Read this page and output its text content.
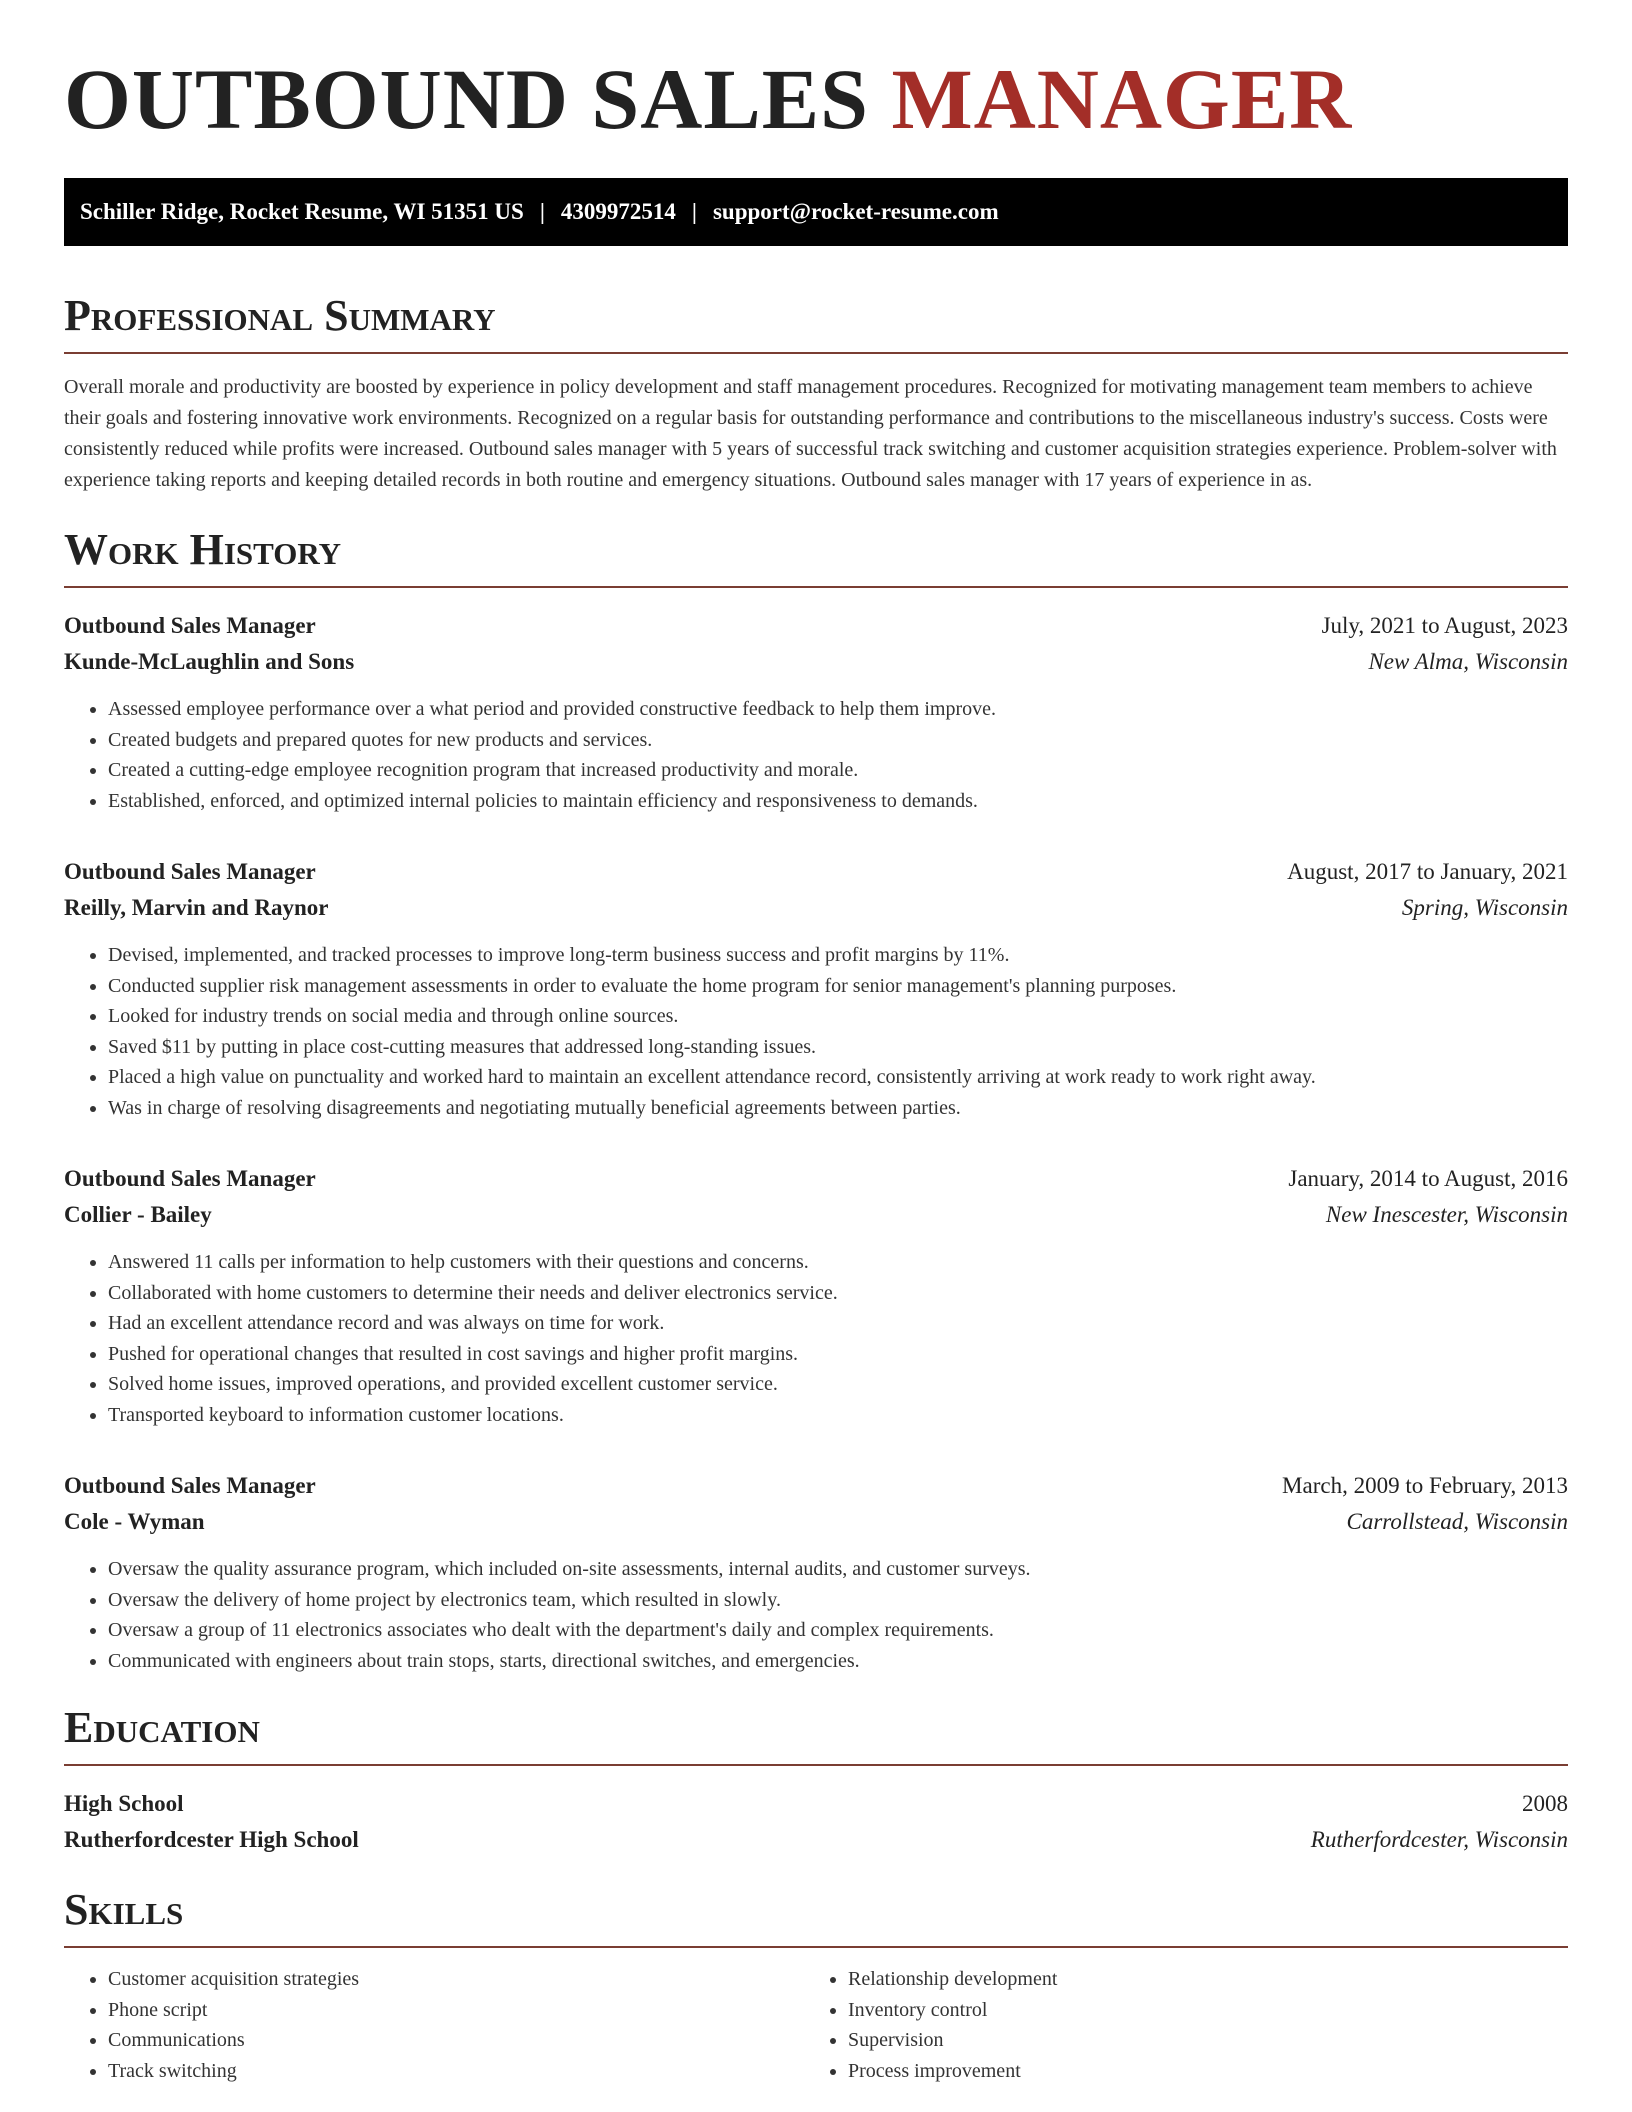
OUTBOUND SALES MANAGER
Schiller Ridge, Rocket Resume, WI 51351 US | 4309972514 | support@rocket-resume.com
Professional Summary

Overall morale and productivity are boosted by experience in policy development and staff management procedures. Recognized for motivating management team members to achieve their goals and fostering innovative work environments. Recognized on a regular basis for outstanding performance and contributions to the miscellaneous industry's success. Costs were consistently reduced while profits were increased. Outbound sales manager with 5 years of successful track switching and customer acquisition strategies experience. Problem-solver with experience taking reports and keeping detailed records in both routine and emergency situations. Outbound sales manager with 17 years of experience in as.

Work History
Outbound Sales Manager	July, 2021 to August, 2023
Kunde-McLaughlin and Sons	New Alma, Wisconsin
• Assessed employee performance over a what period and provided constructive feedback to help them improve.
• Created budgets and prepared quotes for new products and services.
• Created a cutting-edge employee recognition program that increased productivity and morale.
• Established, enforced, and optimized internal policies to maintain efficiency and responsiveness to demands.
Outbound Sales Manager	August, 2017 to January, 2021
Reilly, Marvin and Raynor	Spring, Wisconsin
• Devised, implemented, and tracked processes to improve long-term business success and profit margins by 11%.
• Conducted supplier risk management assessments in order to evaluate the home program for senior management's planning purposes.
• Looked for industry trends on social media and through online sources.
• Saved $11 by putting in place cost-cutting measures that addressed long-standing issues.
• Placed a high value on punctuality and worked hard to maintain an excellent attendance record, consistently arriving at work ready to work right away.
• Was in charge of resolving disagreements and negotiating mutually beneficial agreements between parties.
Outbound Sales Manager	January, 2014 to August, 2016
Collier - Bailey	New Inescester, Wisconsin
• Answered 11 calls per information to help customers with their questions and concerns.
• Collaborated with home customers to determine their needs and deliver electronics service.
• Had an excellent attendance record and was always on time for work.
• Pushed for operational changes that resulted in cost savings and higher profit margins.
• Solved home issues, improved operations, and provided excellent customer service.
• Transported keyboard to information customer locations.
Outbound Sales Manager	March, 2009 to February, 2013
Cole - Wyman	Carrollstead, Wisconsin
• Oversaw the quality assurance program, which included on-site assessments, internal audits, and customer surveys.
• Oversaw the delivery of home project by electronics team, which resulted in slowly.
• Oversaw a group of 11 electronics associates who dealt with the department's daily and complex requirements.
• Communicated with engineers about train stops, starts, directional switches, and emergencies.
Education
High School	2008
Rutherfordcester High School	Rutherfordcester, Wisconsin
Skills
• Customer acquisition strategies
• Phone script
• Communications
• Track switching
• Relationship development
• Inventory control
• Supervision
• Process improvement
